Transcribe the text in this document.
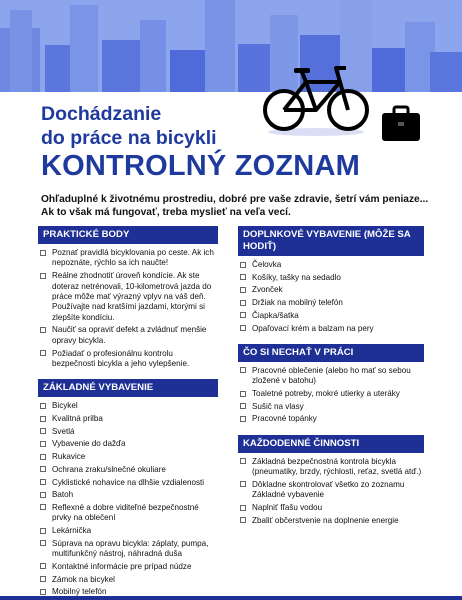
Dochádzanie
do práce na bicykli
KONTROLNÝ ZOZNAM
Ohľaduplné k životnému prostrediu, dobré pre vaše zdravie, šetrí vám peniaze...
Ak to však má fungovať, treba myslieť na veľa vecí.
PRAKTICKÉ BODY
Poznať pravidlá bicyklovania po ceste. Ak ich nepoznáte, rýchlo sa ich naučte!
Reálne zhodnotiť úroveň kondície. Ak ste doteraz netrénovali, 10-kilometrová jazda do práce môže mať výrazný vplyv na váš deň. Používajte nad kratšími jazdami, ktorými si zlepšíte kondíciu.
Naučiť sa opraviť defekt a zvládnuť menšie opravy bicykla.
Požiadať o profesionálnu kontrolu bezpečnosti bicykla a jeho vylepšenie.
ZÁKLADNÉ VYBAVENIE
Bicykel
Kvalitná prilba
Svetlá
Vybavenie do dažďa
Rukavice
Ochrana zraku/slnečné okuliare
Cyklistické nohavice na dlhšie vzdialenosti
Batoh
Reflexné a dobre viditeľné bezpečnostné prvky na oblečení
Lekárnička
Súprava na opravu bicykla: záplaty, pumpa, multifunkčný nástroj, náhradná duša
Kontaktné informácie pre prípad núdze
Zámok na bicykel
Mobilný telefón
DOPLNKOVÉ VYBAVENIE (MÔŽE SA HODIŤ)
Čelovka
Košíky, tašky na sedadlo
Zvonček
Držiak na mobilný telefón
Čiapka/šatka
Opaľovací krém a balzam na pery
ČO SI NECHAŤ V PRÁCI
Pracovné oblečenie (alebo ho mať so sebou zložené v batohu)
Toaletné potreby, mokré utierky a uteráky
Sušič na vlasy
Pracovné topánky
KAŽDODENNÉ ČINNOSTI
Základná bezpečnostná kontrola bicykla (pneumatiky, brzdy, rýchlosti, reťaz, svetlá atď.)
Dôkladne skontrolovať všetko zo zoznamu Základné vybavenie
Naplniť fľašu vodou
Zbaliť občerstvenie na doplnenie energie
